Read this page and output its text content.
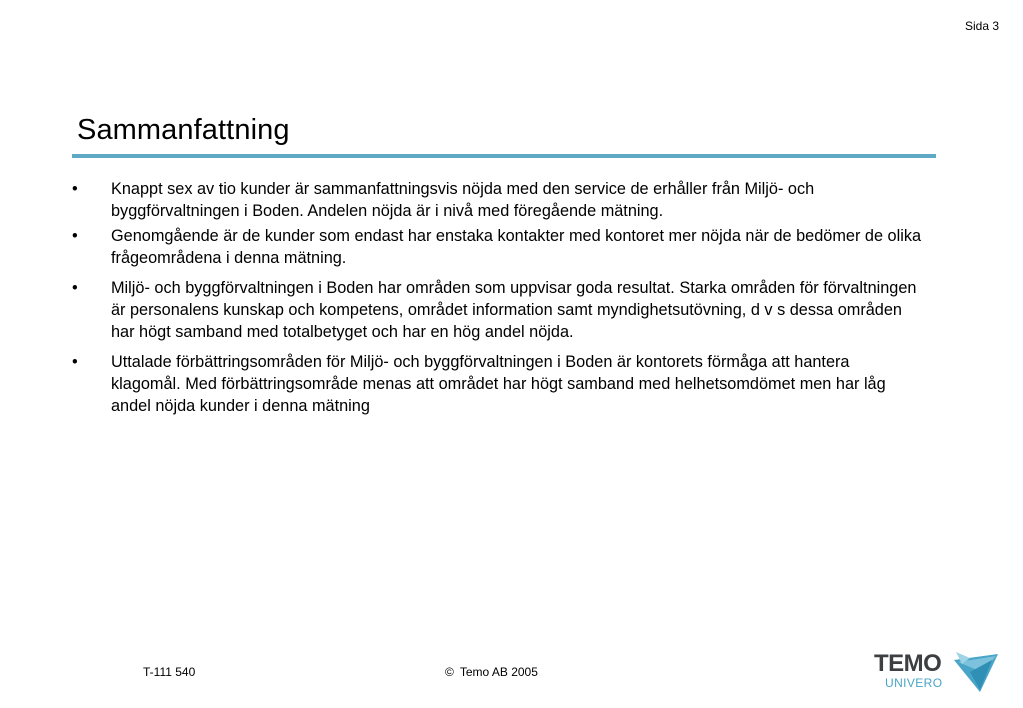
Sida 3
Sammanfattning
•	Knappt sex av tio kunder är sammanfattningsvis nöjda med den service de erhåller från Miljö- och byggförvaltningen i Boden. Andelen nöjda är i nivå med föregående mätning.
•	Genomgående är de kunder som endast har enstaka kontakter med kontoret mer nöjda när de bedömer de olika frågeområdena i denna mätning.
•	Miljö- och byggförvaltningen i Boden har områden som uppvisar goda resultat. Starka områden för förvaltningen är personalens kunskap och kompetens, området information samt myndighetsutövning, d v s dessa områden har högt samband med totalbetyget och har en hög andel nöjda.
•	Uttalade förbättringsområden för Miljö- och byggförvaltningen i Boden är kontorets förmåga att hantera klagomål. Med förbättringsområde menas att området har högt samband med helhetsomdömet men har låg andel nöjda kunder i denna mätning
T-111 540	© Temo AB 2005	TEMO
UNIVERO
